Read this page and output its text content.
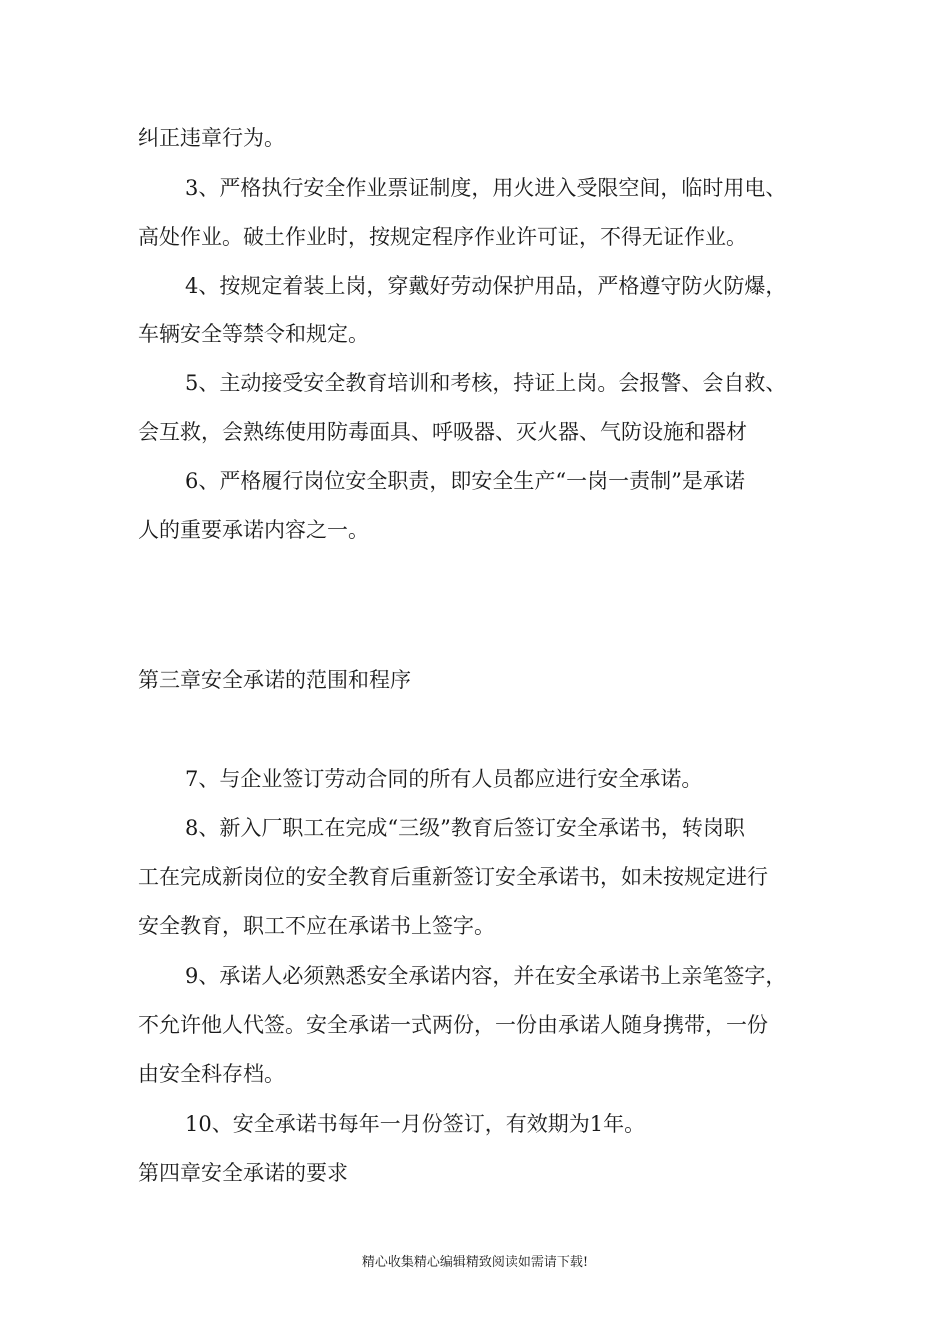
纠正违章行为。
3、严格执行安全作业票证制度，用火进入受限空间，临时用电、
高处作业。破土作业时，按规定程序作业许可证，不得无证作业。
4、按规定着装上岗，穿戴好劳动保护用品，严格遵守防火防爆，
车辆安全等禁令和规定。
5、主动接受安全教育培训和考核，持证上岗。会报警、会自救、
会互救，会熟练使用防毒面具、呼吸器、灭火器、气防设施和器材
6、严格履行岗位安全职责，即安全生产“一岗一责制”是承诺
人的重要承诺内容之一。
第三章安全承诺的范围和程序
7、与企业签订劳动合同的所有人员都应进行安全承诺。
8、新入厂职工在完成“三级”教育后签订安全承诺书，转岗职
工在完成新岗位的安全教育后重新签订安全承诺书，如未按规定进行
安全教育，职工不应在承诺书上签字。
9、承诺人必须熟悉安全承诺内容，并在安全承诺书上亲笔签字，
不允许他人代签。安全承诺一式两份，一份由承诺人随身携带，一份
由安全科存档。
10、安全承诺书每年一月份签订，有效期为1年。
第四章安全承诺的要求
精心收集精心编辑精致阅读如需请下载!
